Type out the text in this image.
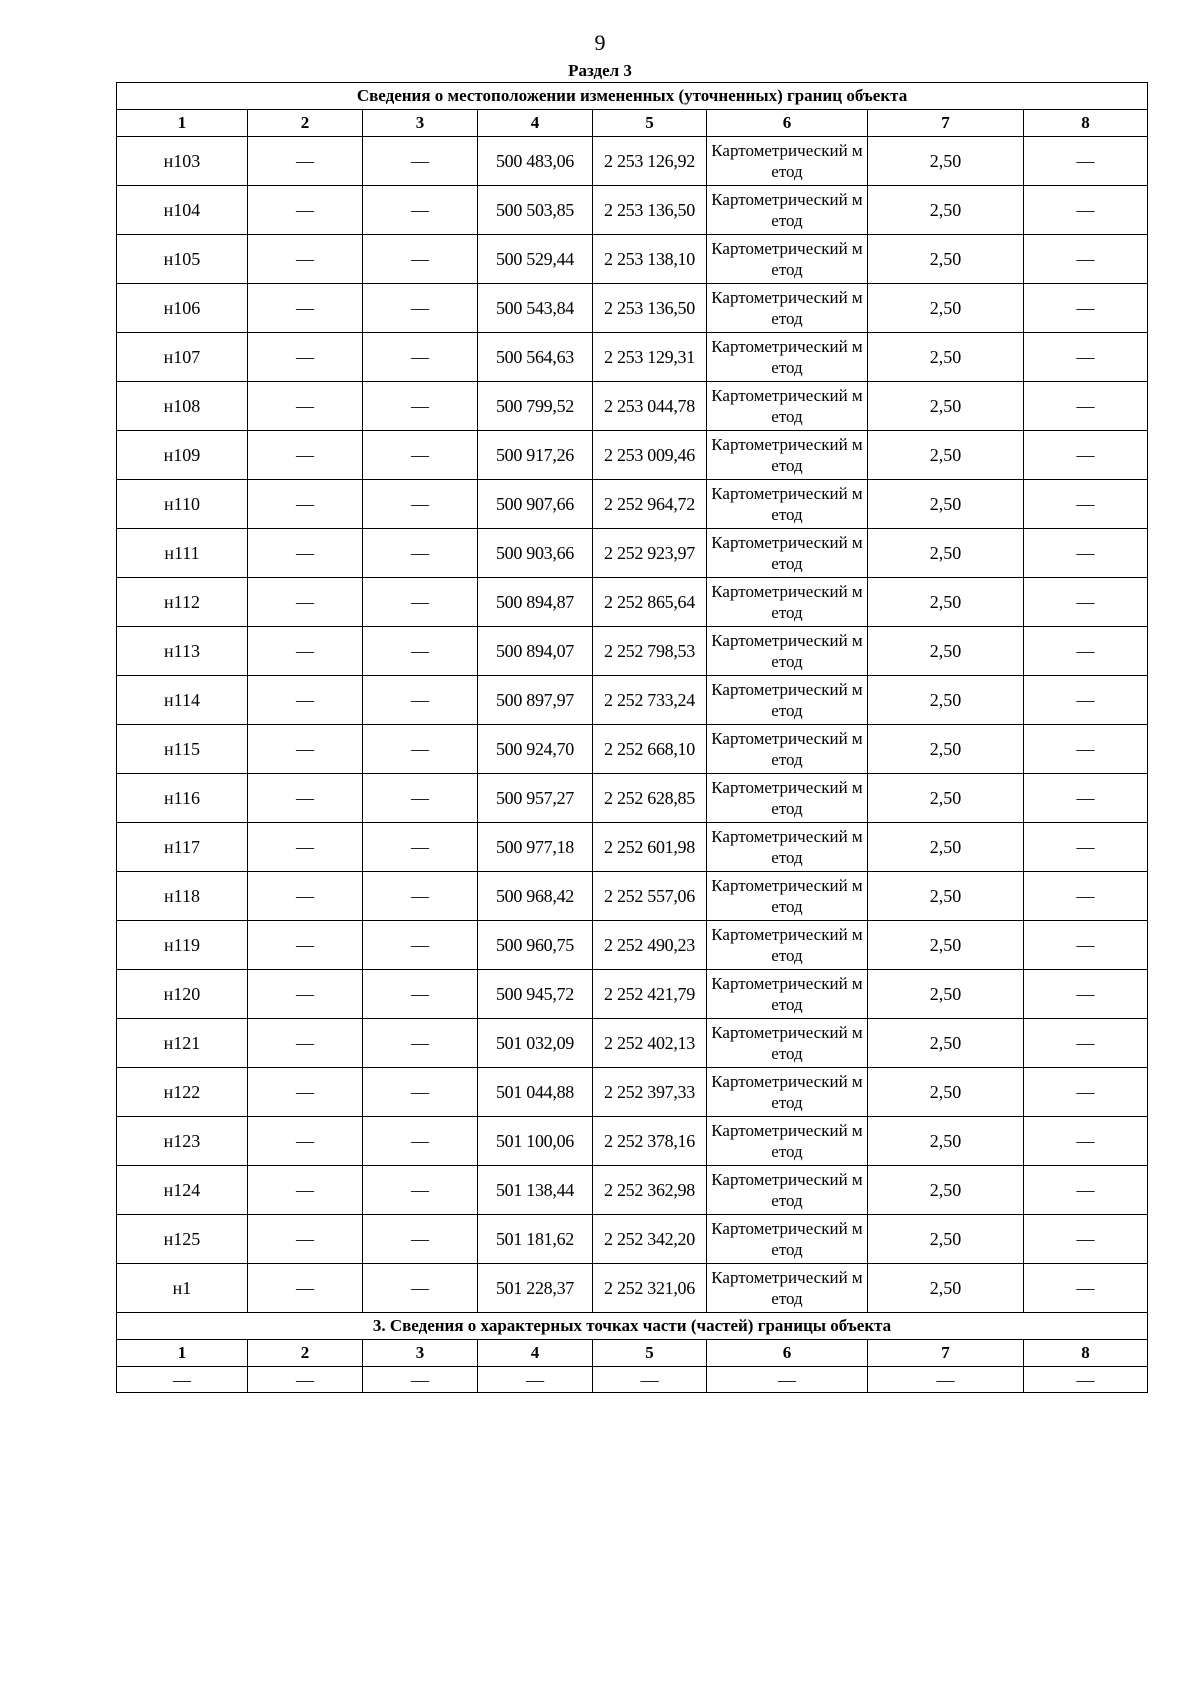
9
Раздел 3
Сведения о местоположении измененных (уточненных) границ объекта							
1	2	3	4	5	6	7	8
н103	—	—	500 483,06	2 253 126,92	Картометрический метод	2,50	—
н104	—	—	500 503,85	2 253 136,50	Картометрический метод	2,50	—
н105	—	—	500 529,44	2 253 138,10	Картометрический метод	2,50	—
н106	—	—	500 543,84	2 253 136,50	Картометрический метод	2,50	—
н107	—	—	500 564,63	2 253 129,31	Картометрический метод	2,50	—
н108	—	—	500 799,52	2 253 044,78	Картометрический метод	2,50	—
н109	—	—	500 917,26	2 253 009,46	Картометрический метод	2,50	—
н110	—	—	500 907,66	2 252 964,72	Картометрический метод	2,50	—
н111	—	—	500 903,66	2 252 923,97	Картометрический метод	2,50	—
н112	—	—	500 894,87	2 252 865,64	Картометрический метод	2,50	—
н113	—	—	500 894,07	2 252 798,53	Картометрический метод	2,50	—
н114	—	—	500 897,97	2 252 733,24	Картометрический метод	2,50	—
н115	—	—	500 924,70	2 252 668,10	Картометрический метод	2,50	—
н116	—	—	500 957,27	2 252 628,85	Картометрический метод	2,50	—
н117	—	—	500 977,18	2 252 601,98	Картометрический метод	2,50	—
н118	—	—	500 968,42	2 252 557,06	Картометрический метод	2,50	—
н119	—	—	500 960,75	2 252 490,23	Картометрический метод	2,50	—
н120	—	—	500 945,72	2 252 421,79	Картометрический метод	2,50	—
н121	—	—	501 032,09	2 252 402,13	Картометрический метод	2,50	—
н122	—	—	501 044,88	2 252 397,33	Картометрический метод	2,50	—
н123	—	—	501 100,06	2 252 378,16	Картометрический метод	2,50	—
н124	—	—	501 138,44	2 252 362,98	Картометрический метод	2,50	—
н125	—	—	501 181,62	2 252 342,20	Картометрический метод	2,50	—
н1	—	—	501 228,37	2 252 321,06	Картометрический метод	2,50	—
3. Сведения о характерных точках части (частей) границы объекта							
1	2	3	4	5	6	7	8
—	—	—	—	—	—	—	—
